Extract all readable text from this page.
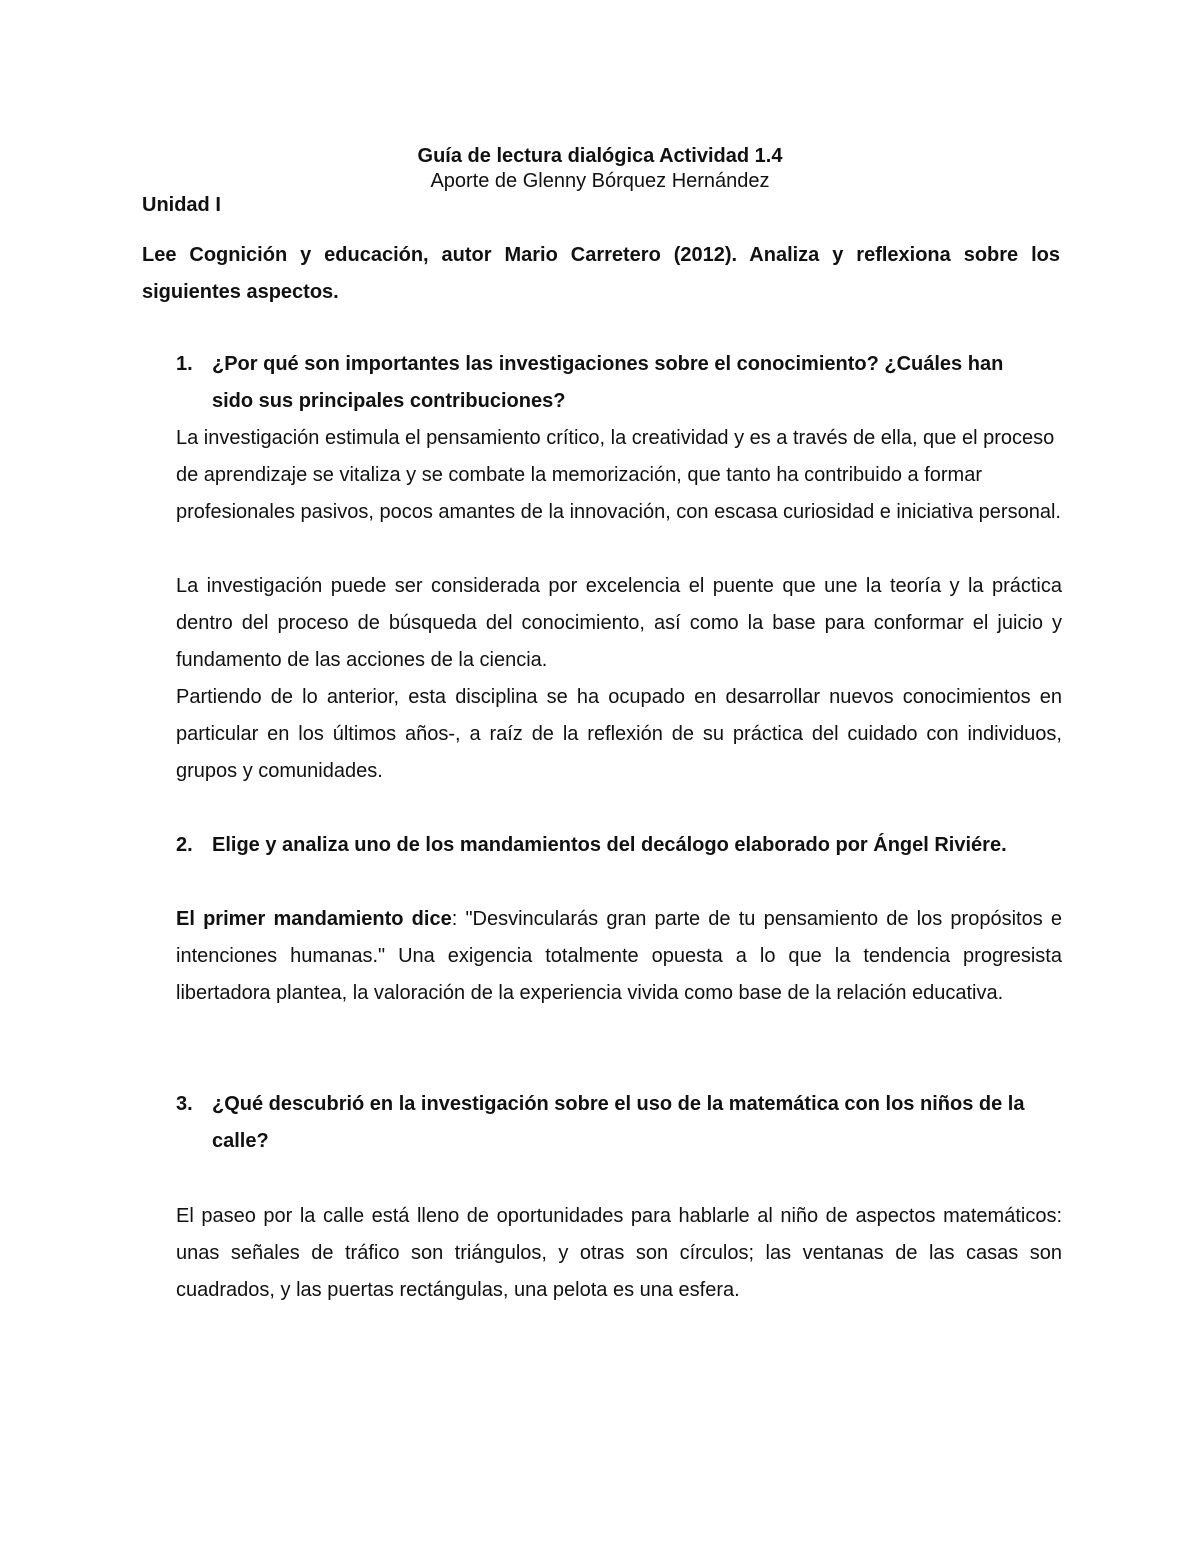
Guía de lectura dialógica Actividad 1.4
Aporte de Glenny Bórquez Hernández
Unidad I
Lee Cognición y educación, autor Mario Carretero (2012). Analiza y reflexiona sobre los siguientes aspectos.
1. ¿Por qué son importantes las investigaciones sobre el conocimiento? ¿Cuáles han sido sus principales contribuciones?
La investigación estimula el pensamiento crítico, la creatividad y es a través de ella, que el proceso de aprendizaje se vitaliza y se combate la memorización, que tanto ha contribuido a formar profesionales pasivos, pocos amantes de la innovación, con escasa curiosidad e iniciativa personal.
La investigación puede ser considerada por excelencia el puente que une la teoría y la práctica dentro del proceso de búsqueda del conocimiento, así como la base para conformar el juicio y fundamento de las acciones de la ciencia.
Partiendo de lo anterior, esta disciplina se ha ocupado en desarrollar nuevos conocimientos en particular en los últimos años-, a raíz de la reflexión de su práctica del cuidado con individuos, grupos y comunidades.
2. Elige y analiza uno de los mandamientos del decálogo elaborado por Ángel Riviére.
El primer mandamiento dice: "Desvincularás gran parte de tu pensamiento de los propósitos e intenciones humanas." Una exigencia totalmente opuesta a lo que la tendencia progresista libertadora plantea, la valoración de la experiencia vivida como base de la relación educativa.
3. ¿Qué descubrió en la investigación sobre el uso de la matemática con los niños de la calle?
El paseo por la calle está lleno de oportunidades para hablarle al niño de aspectos matemáticos: unas señales de tráfico son triángulos, y otras son círculos; las ventanas de las casas son cuadrados, y las puertas rectángulas, una pelota es una esfera.
